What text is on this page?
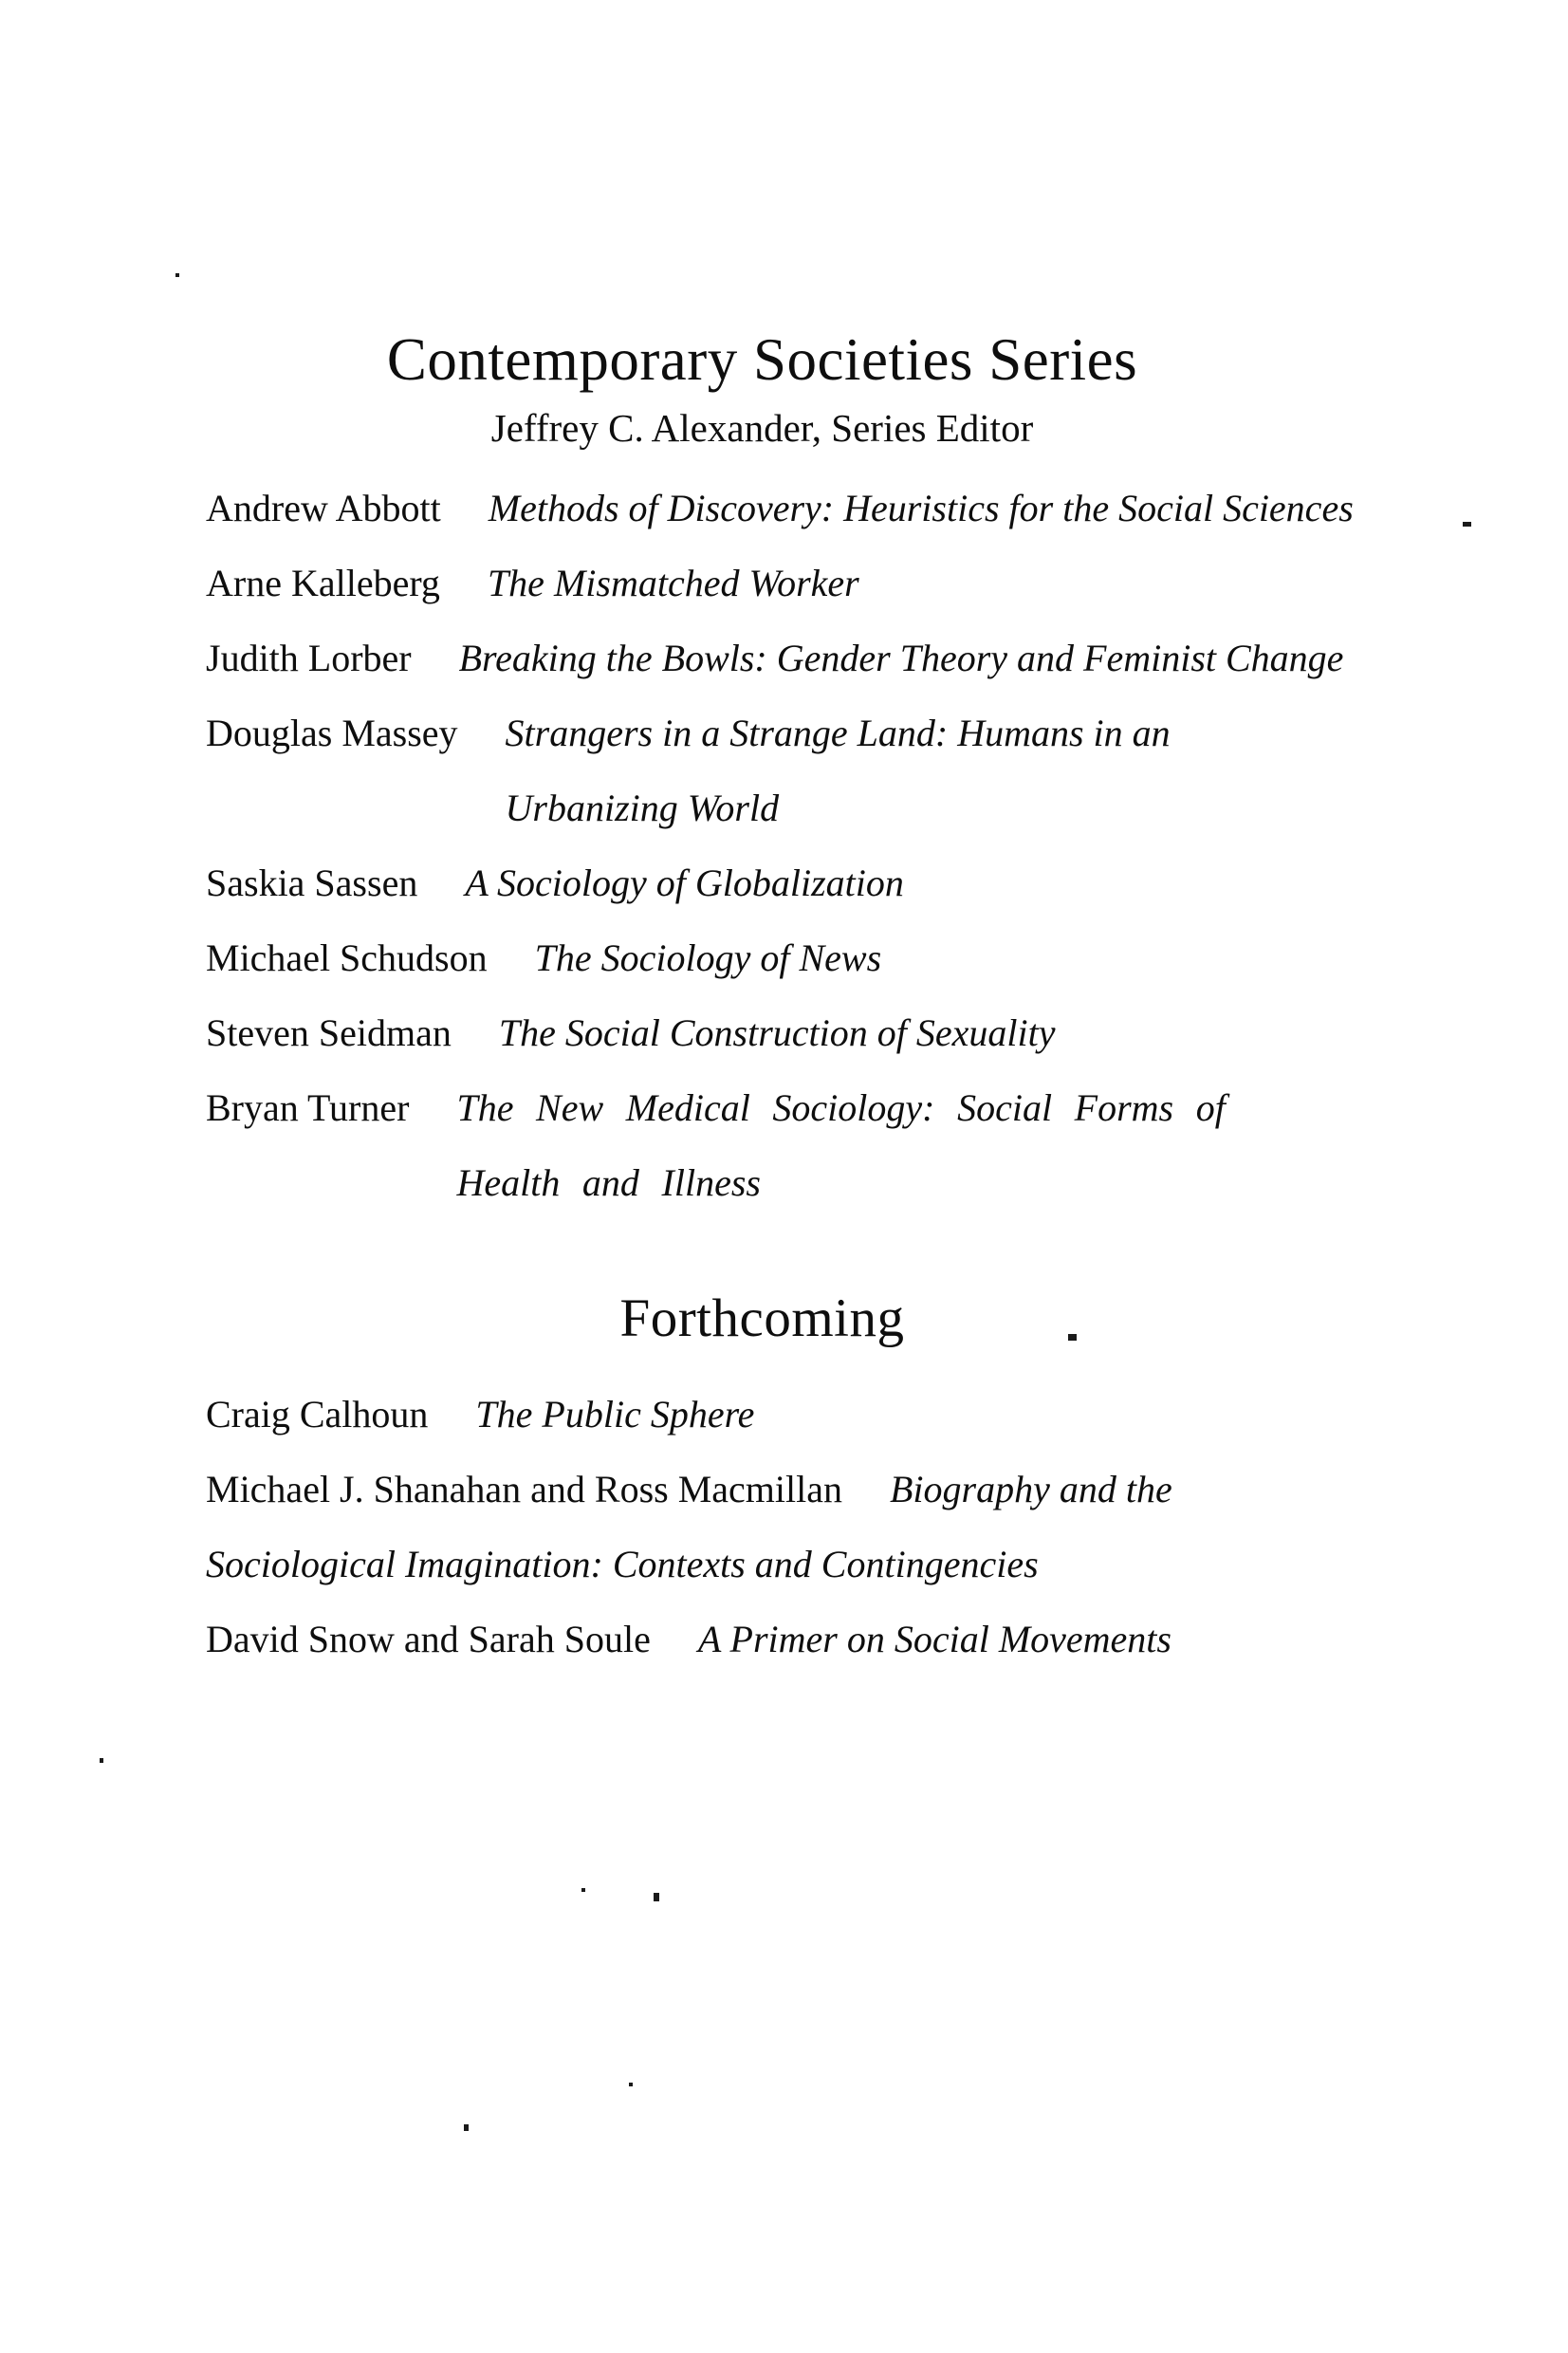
Contemporary Societies Series
Jeffrey C. Alexander, Series Editor
Andrew Abbott Methods of Discovery: Heuristics for the Social Sciences
Arne Kalleberg The Mismatched Worker
Judith Lorber Breaking the Bowls: Gender Theory and Feminist Change
Douglas Massey Strangers in a Strange Land: Humans in an Urbanizing World
Saskia Sassen A Sociology of Globalization
Michael Schudson The Sociology of News
Steven Seidman The Social Construction of Sexuality
Bryan Turner The New Medical Sociology: Social Forms of Health and Illness
Forthcoming
Craig Calhoun The Public Sphere
Michael J. Shanahan and Ross Macmillan Biography and the Sociological Imagination: Contexts and Contingencies
David Snow and Sarah Soule A Primer on Social Movements
